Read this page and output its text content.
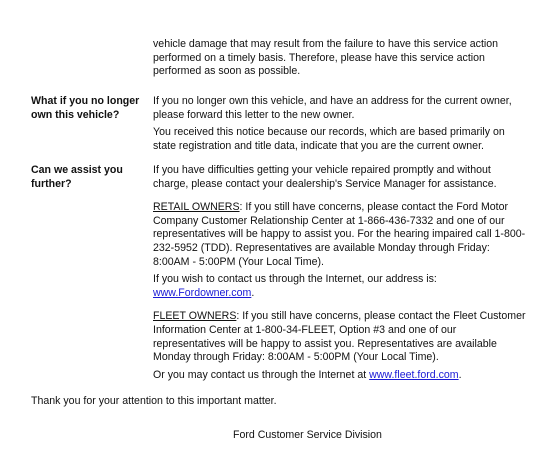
vehicle damage that may result from the failure to have this service action performed on a timely basis. Therefore, please have this service action performed as soon as possible.

What if you no longer own this vehicle?

If you no longer own this vehicle, and have an address for the current owner, please forward this letter to the new owner.

You received this notice because our records, which are based primarily on state registration and title data, indicate that you are the current owner.

Can we assist you further?

If you have difficulties getting your vehicle repaired promptly and without charge, please contact your dealership's Service Manager for assistance.

RETAIL OWNERS: If you still have concerns, please contact the Ford Motor Company Customer Relationship Center at 1-866-436-7332 and one of our representatives will be happy to assist you. For the hearing impaired call 1-800-232-5952 (TDD). Representatives are available Monday through Friday: 8:00AM - 5:00PM (Your Local Time).

If you wish to contact us through the Internet, our address is:
www.Fordowner.com.

FLEET OWNERS: If you still have concerns, please contact the Fleet Customer Information Center at 1-800-34-FLEET, Option #3 and one of our representatives will be happy to assist you. Representatives are available Monday through Friday: 8:00AM - 5:00PM (Your Local Time).

Or you may contact us through the Internet at www.fleet.ford.com.

Thank you for your attention to this important matter.
Ford Customer Service Division
